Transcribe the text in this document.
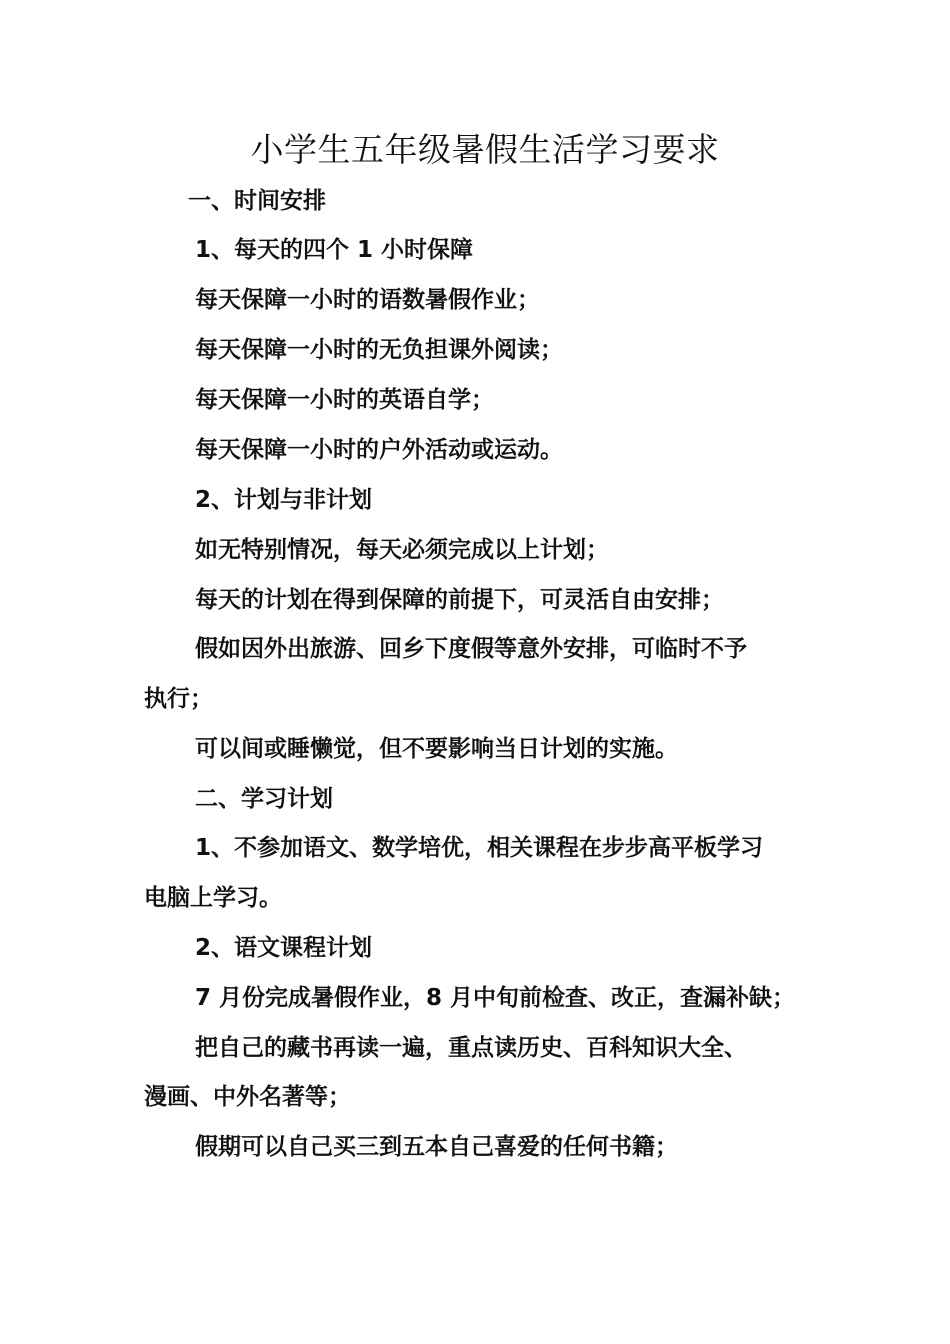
小学生五年级暑假生活学习要求

一、时间安排

1、每天的四个 1 小时保障

每天保障一小时的语数暑假作业；

每天保障一小时的无负担课外阅读；

每天保障一小时的英语自学；

每天保障一小时的户外活动或运动。

2、计划与非计划

如无特别情况，每天必须完成以上计划；

每天的计划在得到保障的前提下，可灵活自由安排；

假如因外出旅游、回乡下度假等意外安排，可临时不予

执行；

可以间或睡懒觉，但不要影响当日计划的实施。

二、学习计划

1、不参加语文、数学培优，相关课程在步步高平板学习

电脑上学习。

2、语文课程计划

7 月份完成暑假作业，8 月中旬前检查、改正，查漏补缺；

把自己的藏书再读一遍，重点读历史、百科知识大全、

漫画、中外名著等；

假期可以自己买三到五本自己喜爱的任何书籍；
